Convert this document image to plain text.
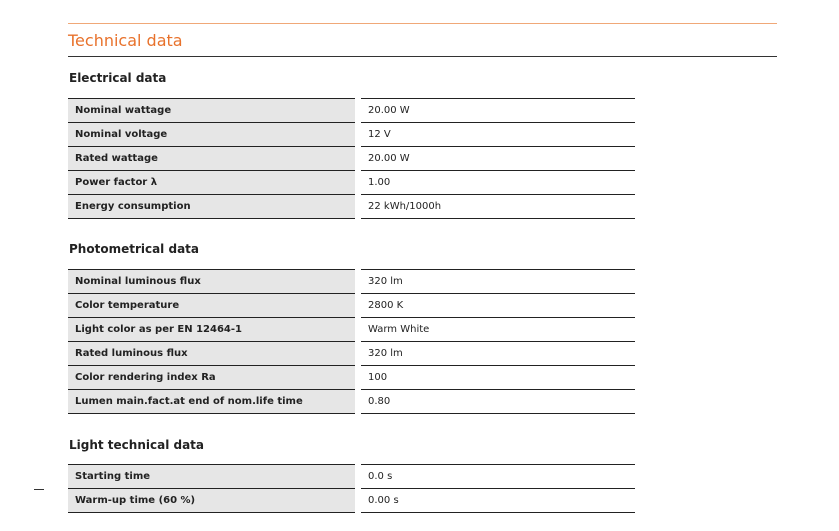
Technical data
Electrical data
Nominal wattage	20.00 W
Nominal voltage	12 V
Rated wattage	20.00 W
Power factor λ	1.00
Energy consumption	22 kWh/1000h
Photometrical data
Nominal luminous flux	320 lm
Color temperature	2800 K
Light color as per EN 12464-1	Warm White
Rated luminous flux	320 lm
Color rendering index Ra	100
Lumen main.fact.at end of nom.life time	0.80
Light technical data
Starting time	0.0 s
Warm-up time (60 %)	0.00 s
